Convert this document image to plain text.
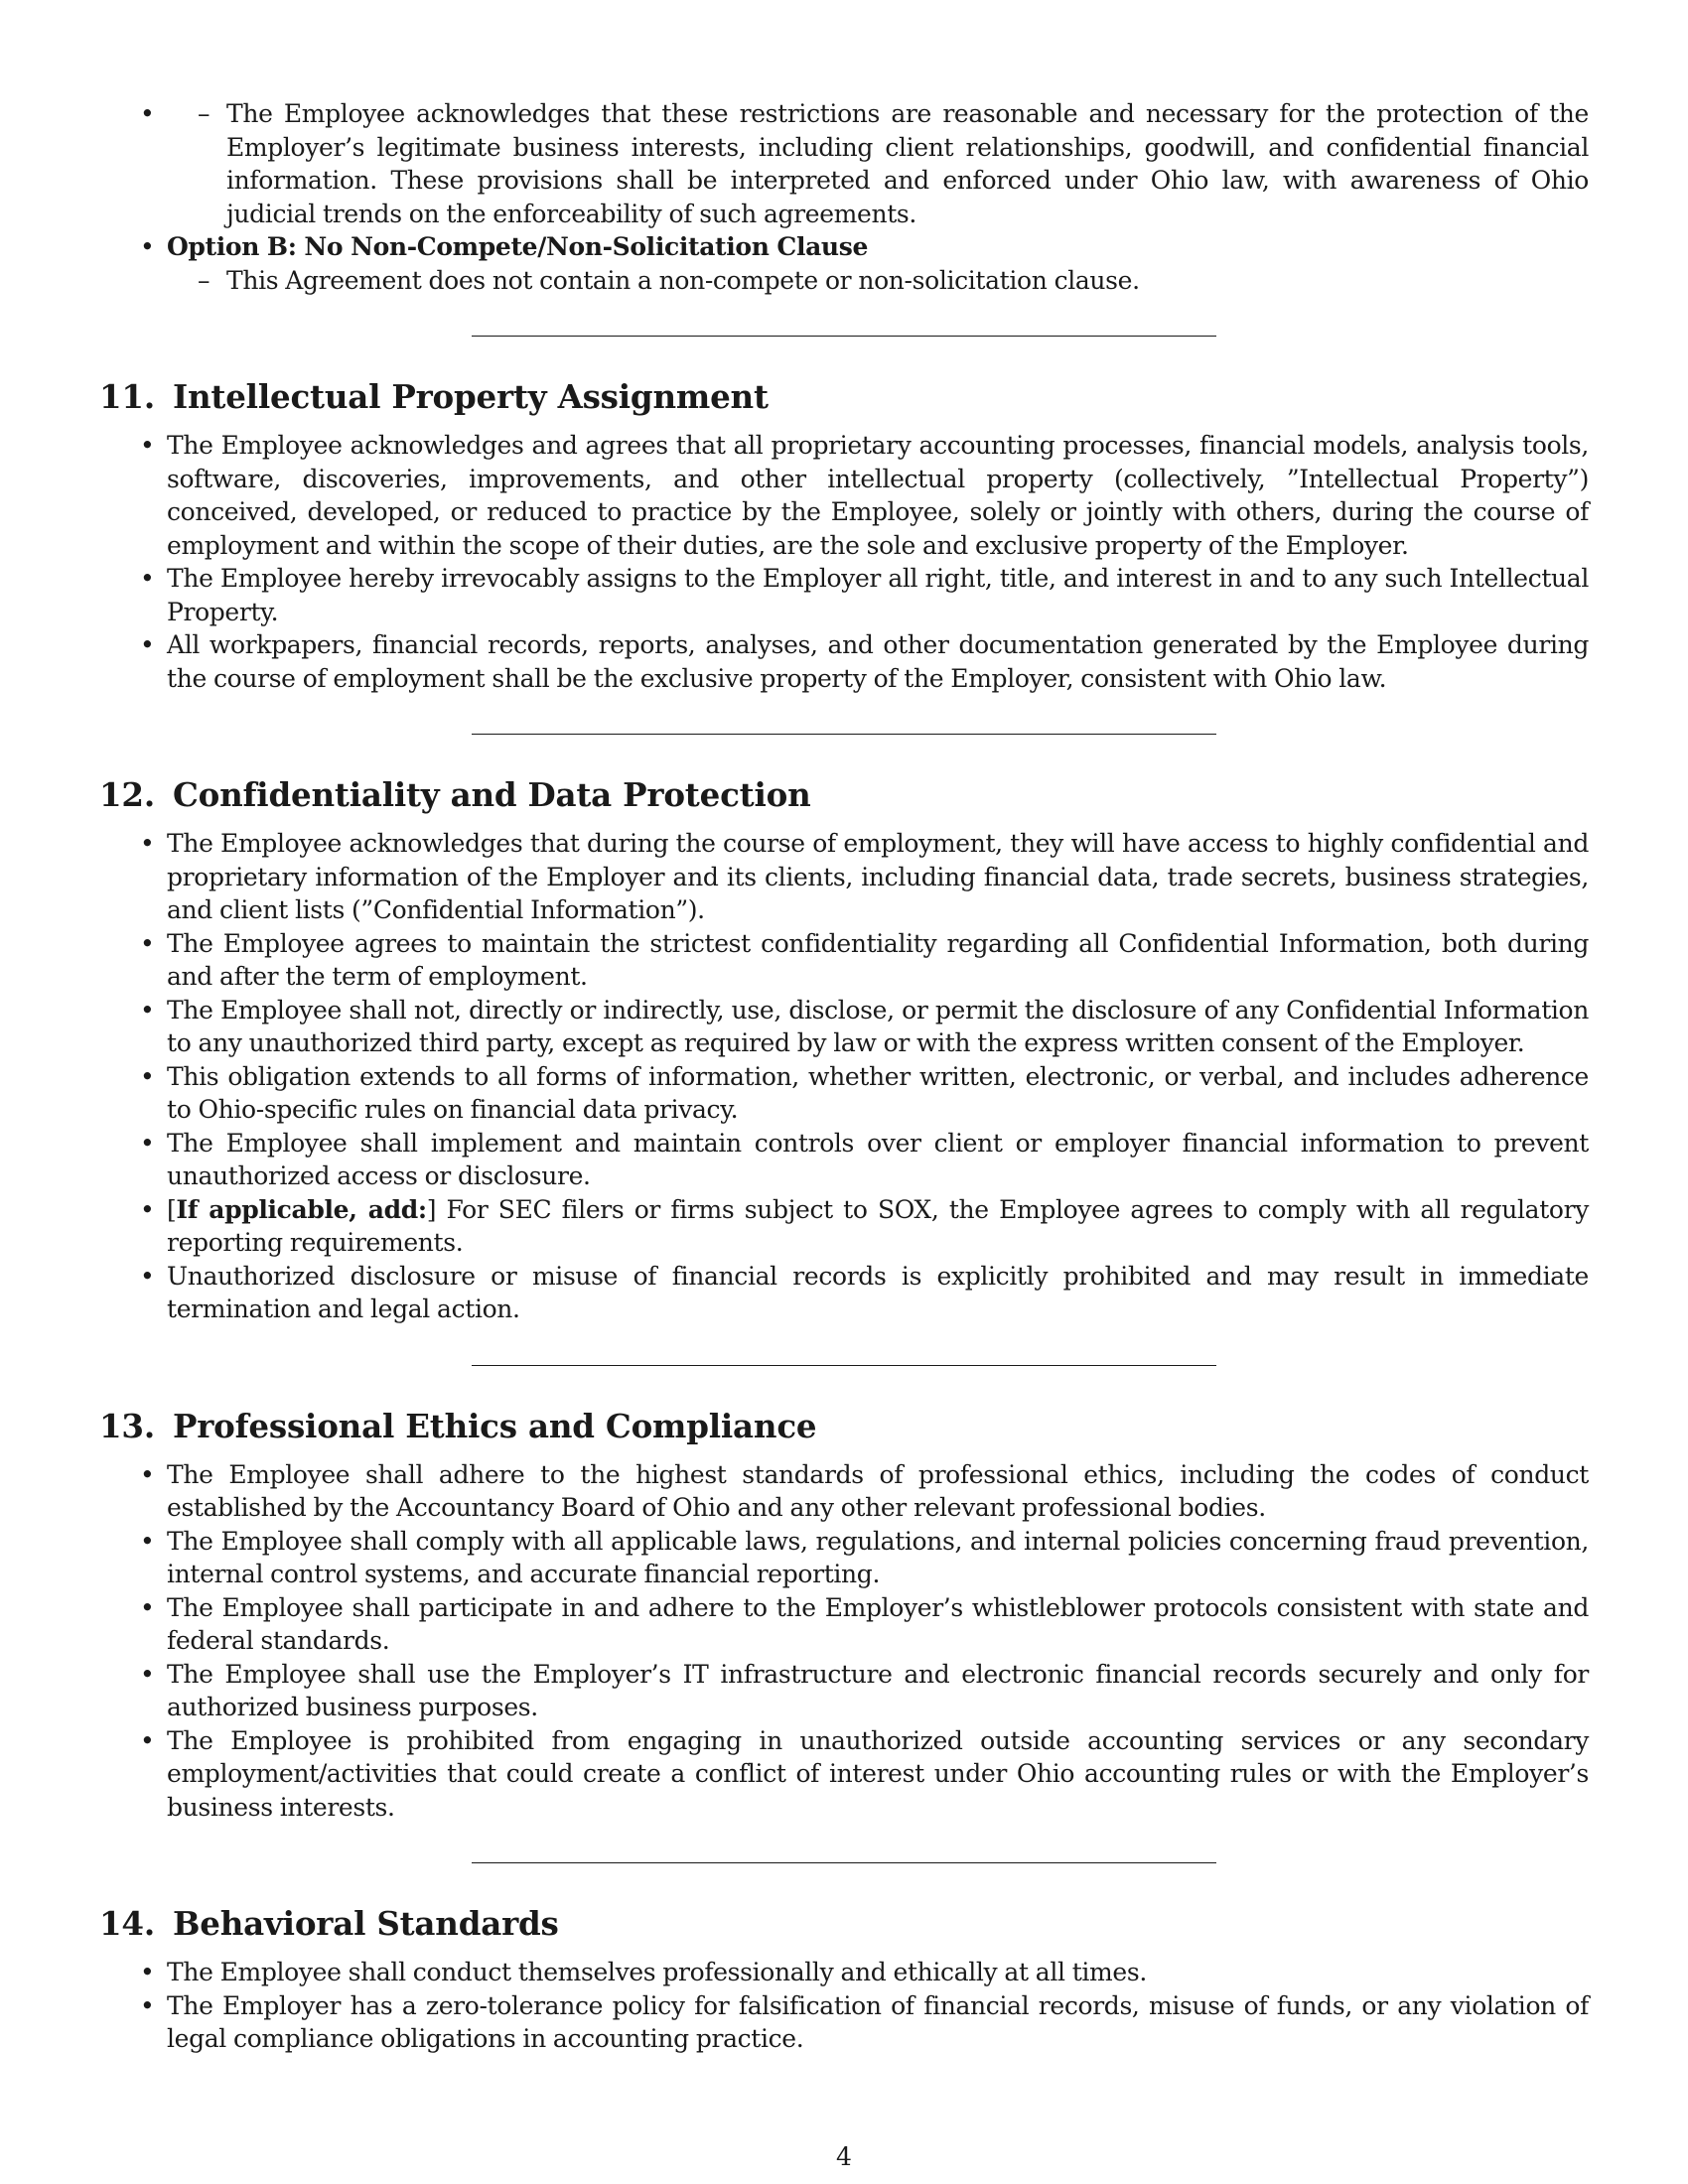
– • The Employee acknowledges that these restrictions are reasonable and necessary for the protection of the Employer’s legitimate business interests, including client relationships, goodwill, and confidential financial information. These provisions shall be interpreted and enforced under Ohio law, with awareness of Ohio judicial trends on the enforceability of such agreements.
• Option B: No Non-Compete/Non-Solicitation Clause
– This Agreement does not contain a non-compete or non-solicitation clause.
11. Intellectual Property Assignment
• The Employee acknowledges and agrees that all proprietary accounting processes, financial models, analysis tools, software, discoveries, improvements, and other intellectual property (collectively, ”Intellectual Property”) conceived, developed, or reduced to practice by the Employee, solely or jointly with others, during the course of employment and within the scope of their duties, are the sole and exclusive property of the Employer.
• The Employee hereby irrevocably assigns to the Employer all right, title, and interest in and to any such Intellectual Property.
• All workpapers, financial records, reports, analyses, and other documentation generated by the Employee during the course of employment shall be the exclusive property of the Employer, consistent with Ohio law.
12. Confidentiality and Data Protection
• The Employee acknowledges that during the course of employment, they will have access to highly confidential and proprietary information of the Employer and its clients, including financial data, trade secrets, business strategies, and client lists (”Confidential Information”).
• The Employee agrees to maintain the strictest confidentiality regarding all Confidential Information, both during and after the term of employment.
• The Employee shall not, directly or indirectly, use, disclose, or permit the disclosure of any Confidential Information to any unauthorized third party, except as required by law or with the express written consent of the Employer.
• This obligation extends to all forms of information, whether written, electronic, or verbal, and includes adherence to Ohio-specific rules on financial data privacy.
• The Employee shall implement and maintain controls over client or employer financial information to prevent unauthorized access or disclosure.
• [If applicable, add:] For SEC filers or firms subject to SOX, the Employee agrees to comply with all regulatory reporting requirements.
• Unauthorized disclosure or misuse of financial records is explicitly prohibited and may result in immediate termination and legal action.
13. Professional Ethics and Compliance
• The Employee shall adhere to the highest standards of professional ethics, including the codes of conduct established by the Accountancy Board of Ohio and any other relevant professional bodies.
• The Employee shall comply with all applicable laws, regulations, and internal policies concerning fraud prevention, internal control systems, and accurate financial reporting.
• The Employee shall participate in and adhere to the Employer’s whistleblower protocols consistent with state and federal standards.
• The Employee shall use the Employer’s IT infrastructure and electronic financial records securely and only for authorized business purposes.
• The Employee is prohibited from engaging in unauthorized outside accounting services or any secondary employment/activities that could create a conflict of interest under Ohio accounting rules or with the Employer’s business interests.
14. Behavioral Standards
• The Employee shall conduct themselves professionally and ethically at all times.
• The Employer has a zero-tolerance policy for falsification of financial records, misuse of funds, or any violation of legal compliance obligations in accounting practice.
4
